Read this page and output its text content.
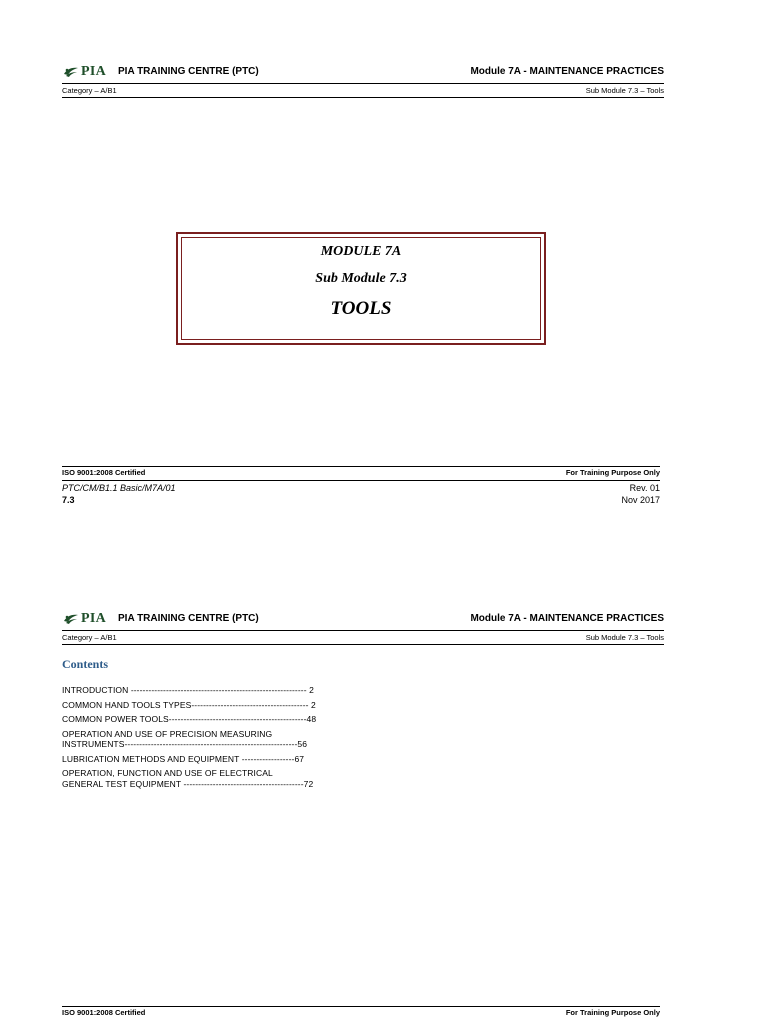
PIA PIA TRAINING CENTRE (PTC)	Module 7A - MAINTENANCE PRACTICES
Category – A/B1	Sub Module 7.3 – Tools
MODULE 7A
Sub Module 7.3
TOOLS
ISO 9001:2008 Certified	For Training Purpose Only
PTC/CM/B1.1 Basic/M7A/01	Rev. 01
7.3	Nov 2017
PIA PIA TRAINING CENTRE (PTC)	Module 7A - MAINTENANCE PRACTICES
Category – A/B1	Sub Module 7.3 – Tools
Contents
INTRODUCTION ------------------------------------------------------------ 2
COMMON HAND TOOLS TYPES---------------------------------------- 2
COMMON POWER TOOLS-----------------------------------------------48
OPERATION AND USE OF PRECISION MEASURING
INSTRUMENTS-----------------------------------------------------------56
LUBRICATION METHODS AND EQUIPMENT ------------------67
OPERATION, FUNCTION AND USE OF ELECTRICAL
GENERAL TEST EQUIPMENT -----------------------------------------72
ISO 9001:2008 Certified	For Training Purpose Only
